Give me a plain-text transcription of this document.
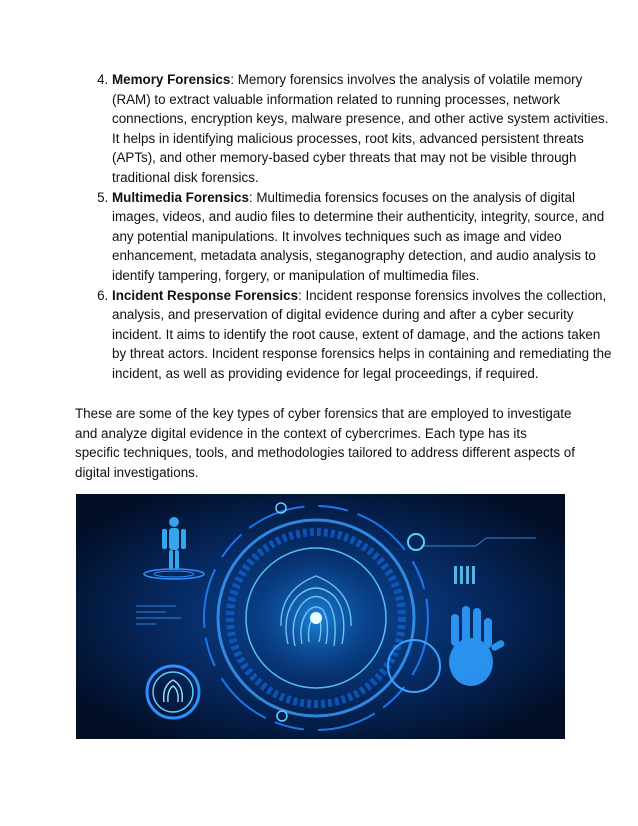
4. Memory Forensics: Memory forensics involves the analysis of volatile memory (RAM) to extract valuable information related to running processes, network connections, encryption keys, malware presence, and other active system activities. It helps in identifying malicious processes, root kits, advanced persistent threats (APTs), and other memory-based cyber threats that may not be visible through traditional disk forensics.
5. Multimedia Forensics: Multimedia forensics focuses on the analysis of digital images, videos, and audio files to determine their authenticity, integrity, source, and any potential manipulations. It involves techniques such as image and video enhancement, metadata analysis, steganography detection, and audio analysis to identify tampering, forgery, or manipulation of multimedia files.
6. Incident Response Forensics: Incident response forensics involves the collection, analysis, and preservation of digital evidence during and after a cyber security incident. It aims to identify the root cause, extent of damage, and the actions taken by threat actors. Incident response forensics helps in containing and remediating the incident, as well as providing evidence for legal proceedings, if required.

These are some of the key types of cyber forensics that are employed to investigate and analyze digital evidence in the context of cybercrimes. Each type has its specific techniques, tools, and methodologies tailored to address different aspects of digital investigations.
